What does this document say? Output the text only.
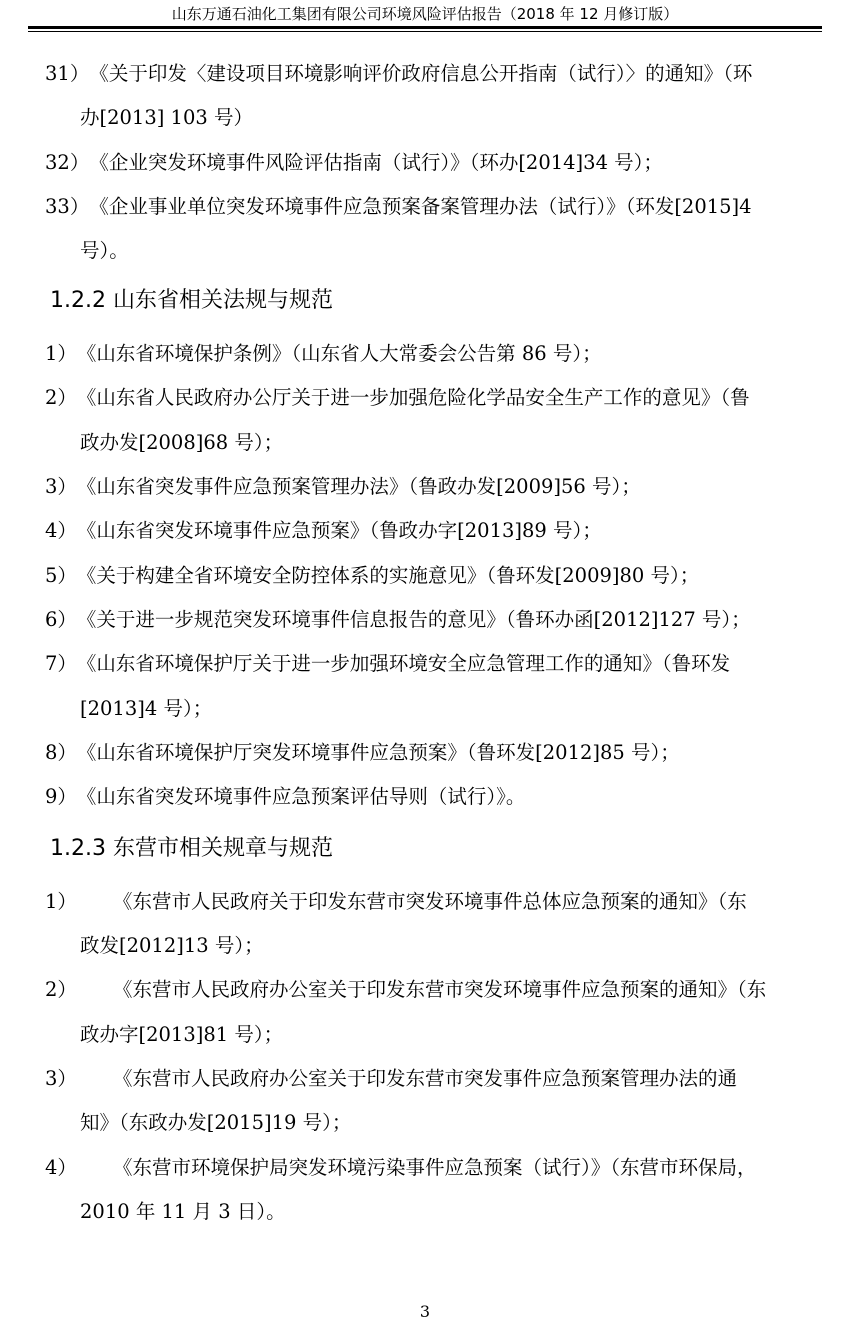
山东万通石油化工集团有限公司环境风险评估报告（2018 年 12 月修订版）
31）《关于印发〈建设项目环境影响评价政府信息公开指南（试行）〉的通知》（环
办[2013] 103 号）
32）《企业突发环境事件风险评估指南（试行）》（环办[2014]34 号）；
33）《企业事业单位突发环境事件应急预案备案管理办法（试行）》（环发[2015]4
号）。
1.2.2 山东省相关法规与规范
1）《山东省环境保护条例》（山东省人大常委会公告第 86 号）；
2）《山东省人民政府办公厅关于进一步加强危险化学品安全生产工作的意见》（鲁
政办发[2008]68 号）；
3）《山东省突发事件应急预案管理办法》（鲁政办发[2009]56 号）；
4）《山东省突发环境事件应急预案》（鲁政办字[2013]89 号）；
5）《关于构建全省环境安全防控体系的实施意见》（鲁环发[2009]80 号）；
6）《关于进一步规范突发环境事件信息报告的意见》（鲁环办函[2012]127 号）；
7）《山东省环境保护厅关于进一步加强环境安全应急管理工作的通知》（鲁环发
[2013]4 号）；
8）《山东省环境保护厅突发环境事件应急预案》（鲁环发[2012]85 号）；
9）《山东省突发环境事件应急预案评估导则（试行）》。
1.2.3 东营市相关规章与规范
1） 《东营市人民政府关于印发东营市突发环境事件总体应急预案的通知》（东
政发[2012]13 号）；
2） 《东营市人民政府办公室关于印发东营市突发环境事件应急预案的通知》（东
政办字[2013]81 号）；
3） 《东营市人民政府办公室关于印发东营市突发事件应急预案管理办法的通
知》（东政办发[2015]19 号）；
4） 《东营市环境保护局突发环境污染事件应急预案（试行）》（东营市环保局，
2010 年 11 月 3 日）。
3
